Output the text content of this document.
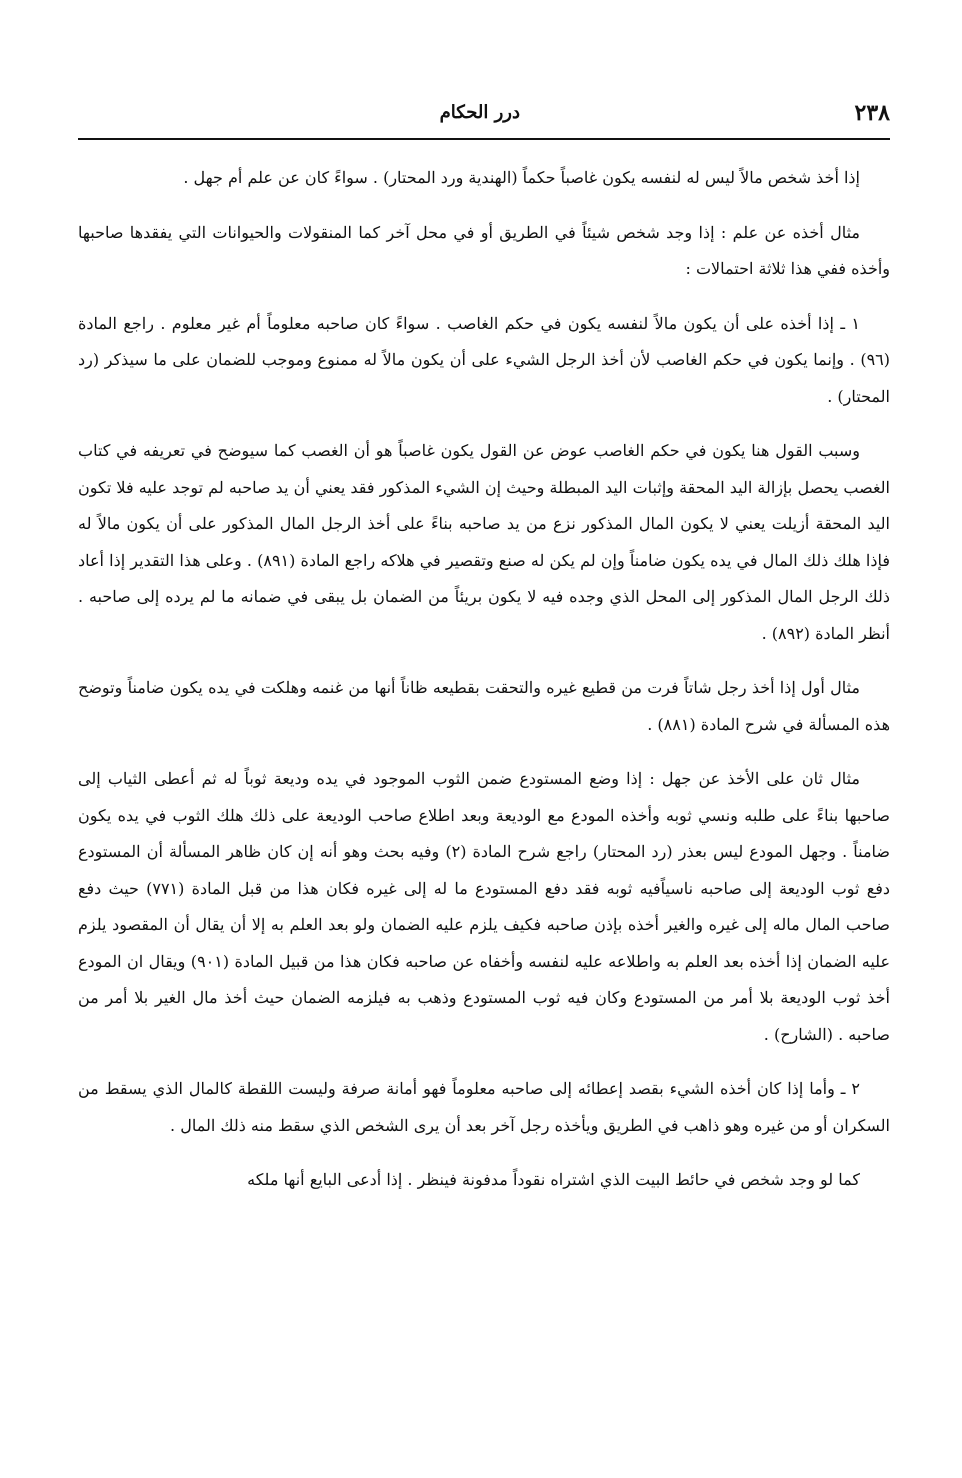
٢٣٨
درر الحكام

إذا أخذ شخص مالاً ليس له لنفسه يكون غاصباً حكماً (الهندية ورد المحتار) . سواءً كان عن علم أم جهل .

مثال أخذه عن علم : إذا وجد شخص شيئاً في الطريق أو في محل آخر كما المنقولات والحيوانات التي يفقدها صاحبها وأخذه ففي هذا ثلاثة احتمالات :

١ ـ إذا أخذه على أن يكون مالاً لنفسه يكون في حكم الغاصب . سواءً كان صاحبه معلوماً أم غير معلوم . راجع المادة (٩٦) . وإنما يكون في حكم الغاصب لأن أخذ الرجل الشيء على أن يكون مالاً له ممنوع وموجب للضمان على ما سيذكر (رد المحتار) .

وسبب القول هنا يكون في حكم الغاصب عوض عن القول يكون غاصباً هو أن الغصب كما سيوضح في تعريفه في كتاب الغصب يحصل بإزالة اليد المحقة وإثبات اليد المبطلة وحيث إن الشيء المذكور فقد يعني أن يد صاحبه لم توجد عليه فلا تكون اليد المحقة أزيلت يعني لا يكون المال المذكور نزع من يد صاحبه بناءً على أخذ الرجل المال المذكور على أن يكون مالاً له فإذا هلك ذلك المال في يده يكون ضامناً وإن لم يكن له صنع وتقصير في هلاكه راجع المادة (٨٩١) . وعلى هذا التقدير إذا أعاد ذلك الرجل المال المذكور إلى المحل الذي وجده فيه لا يكون بريئاً من الضمان بل يبقى في ضمانه ما لم يرده إلى صاحبه . أنظر المادة (٨٩٢) .

مثال أول إذا أخذ رجل شاتاً فرت من قطيع غيره والتحقت بقطيعه ظاناً أنها من غنمه وهلكت في يده يكون ضامناً وتوضح هذه المسألة في شرح المادة (٨٨١) .

مثال ثان على الأخذ عن جهل : إذا وضع المستودع ضمن الثوب الموجود في يده وديعة ثوباً له ثم أعطى الثياب إلى صاحبها بناءً على طلبه ونسي ثوبه وأخذه المودع مع الوديعة وبعد اطلاع صاحب الوديعة على ذلك هلك الثوب في يده يكون ضامناً . وجهل المودع ليس بعذر (رد المحتار) راجع شرح المادة (٢) وفيه بحث وهو أنه إن كان ظاهر المسألة أن المستودع دفع ثوب الوديعة إلى صاحبه ناسياًفيه ثوبه فقد دفع المستودع ما له إلى غيره فكان هذا من قبل المادة (٧٧١) حيث دفع صاحب المال ماله إلى غيره والغير أخذه بإذن صاحبه فكيف يلزم عليه الضمان ولو بعد العلم به إلا أن يقال أن المقصود يلزم عليه الضمان إذا أخذه بعد العلم به واطلاعه عليه لنفسه وأخفاه عن صاحبه فكان هذا من قبيل المادة (٩٠١) ويقال ان المودع أخذ ثوب الوديعة بلا أمر من المستودع وكان فيه ثوب المستودع وذهب به فيلزمه الضمان حيث أخذ مال الغير بلا أمر من صاحبه . (الشارح) .

٢ ـ وأما إذا كان أخذه الشيء بقصد إعطائه إلى صاحبه معلوماً فهو أمانة صرفة وليست اللقطة كالمال الذي يسقط من السكران أو من غيره وهو ذاهب في الطريق ويأخذه رجل آخر بعد أن يرى الشخص الذي سقط منه ذلك المال .

كما لو وجد شخص في حائط البيت الذي اشتراه نقوداً مدفونة فينظر . إذا أدعى البايع أنها ملكه
